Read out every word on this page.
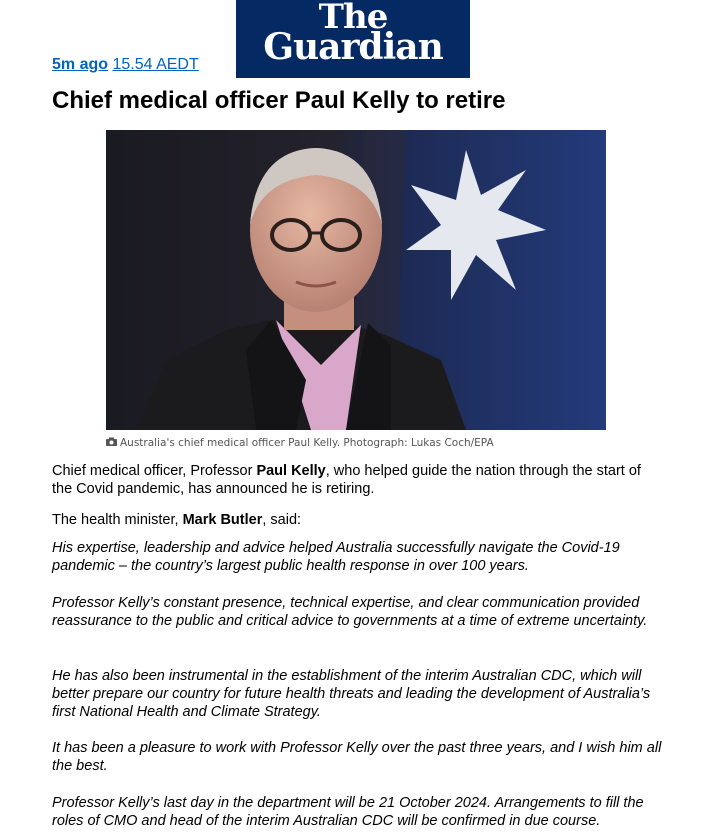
The
Guardian
5m ago 15.54 AEDT
Chief medical officer Paul Kelly to retire
Australia's chief medical officer Paul Kelly. Photograph: Lukas Coch/EPA

Chief medical officer, Professor Paul Kelly, who helped guide the nation through the start of the Covid pandemic, has announced he is retiring.

The health minister, Mark Butler, said:

His expertise, leadership and advice helped Australia successfully navigate the Covid-19 pandemic – the country’s largest public health response in over 100 years.

Professor Kelly’s constant presence, technical expertise, and clear communication provided reassurance to the public and critical advice to governments at a time of extreme uncertainty.

He has also been instrumental in the establishment of the interim Australian CDC, which will better prepare our country for future health threats and leading the development of Australia’s first National Health and Climate Strategy.

It has been a pleasure to work with Professor Kelly over the past three years, and I wish him all the best.

Professor Kelly’s last day in the department will be 21 October 2024. Arrangements to fill the roles of CMO and head of the interim Australian CDC will be confirmed in due course.
